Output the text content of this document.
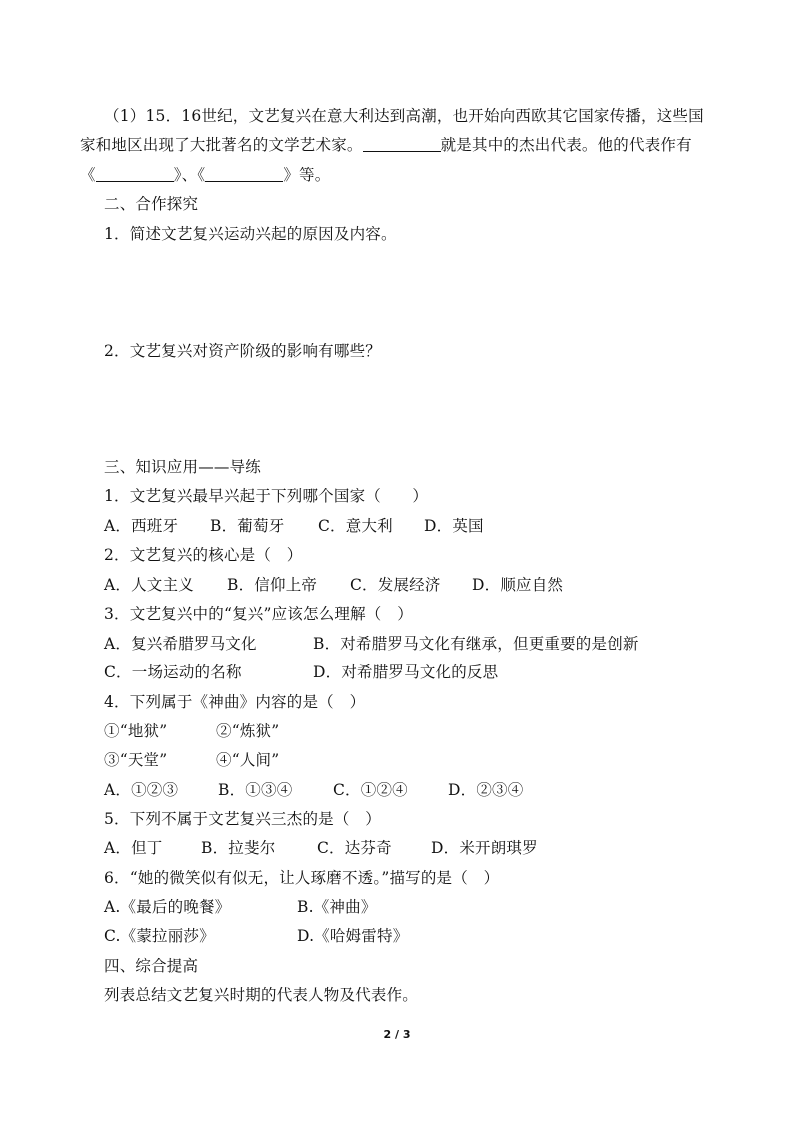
（1）15．16世纪，文艺复兴在意大利达到高潮，也开始向西欧其它国家传播，这些国
家和地区出现了大批著名的文学艺术家。	就是其中的杰出代表。他的代表作有
《	》、《	》等。
二、合作探究
1．简述文艺复兴运动兴起的原因及内容。
2．文艺复兴对资产阶级的影响有哪些？
三、知识应用——导练
1．文艺复兴最早兴起于下列哪个国家（　　）
A．西班牙 B．葡萄牙 C．意大利 D．英国
2．文艺复兴的核心是（　）
A．人文主义 B．信仰上帝 C．发展经济 D．顺应自然
3．文艺复兴中的“复兴”应该怎么理解（　）
A．复兴希腊罗马文化	B．对希腊罗马文化有继承，但更重要的是创新
C．一场运动的名称	D．对希腊罗马文化的反思
4．下列属于《神曲》内容的是（　）
①“地狱”	②“炼狱”
③“天堂”	④“人间”
A．①②③	B．①③④	C．①②④	D．②③④
5．下列不属于文艺复兴三杰的是（　）
A．但丁 B．拉斐尔	C．达芬奇	D．米开朗琪罗
6．“她的微笑似有似无，让人琢磨不透。”描写的是（　）
A.《最后的晚餐》	B.《神曲》
C.《蒙拉丽莎》	D.《哈姆雷特》
四、综合提高
列表总结文艺复兴时期的代表人物及代表作。
2 / 3
